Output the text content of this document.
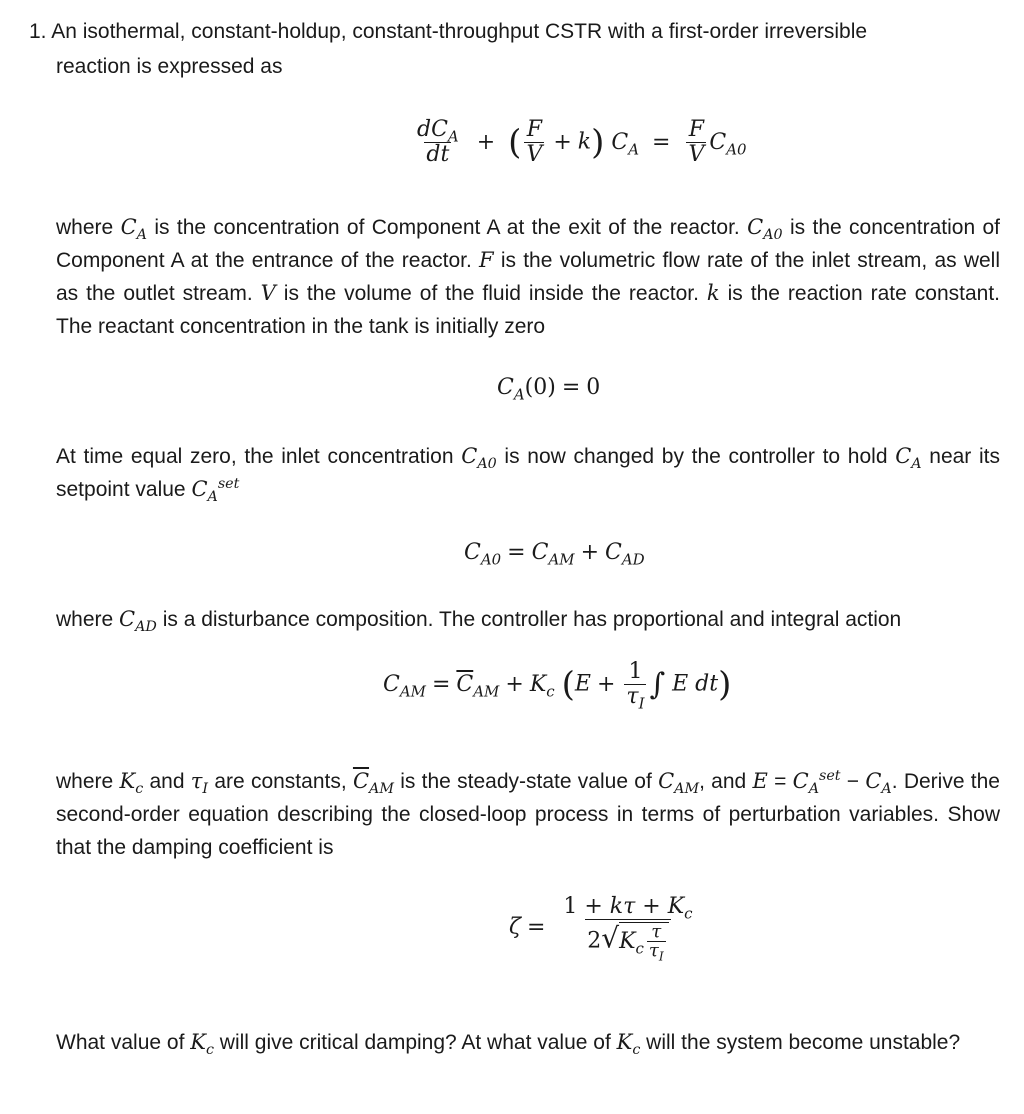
1. An isothermal, constant-holdup, constant-throughput CSTR with a first-order irreversible
reaction is expressed as

$\frac{dC_A}{dt}$ + ( $\frac{F}{V} + k$) $C_A = \frac{F}{V} C_{A0}$

where $C_A$ is the concentration of Component A at the exit of the reactor. $C_{A0}$ is the concentration of Component A at the entrance of the reactor. F is the volumetric flow rate of the inlet stream, as well as the outlet stream. V is the volume of the fluid inside the reactor. k is the reaction rate constant. The reactant concentration in the tank is initially zero

$C_A(0) = 0$

At time equal zero, the inlet concentration $C_{A0}$ is now changed by the controller to hold $C_A$ near its setpoint value $C_A^{set}$

$C_{A0} = C_{AM} + C_{AD}$

where $C_{AD}$ is a disturbance composition. The controller has proportional and integral action

$C_{AM} = \overline{C}_{AM} + K_c$ ($E + \frac{1}{\tau_I}$ ∫ E dt)

where $K_c$ and $\tau_I$ are constants, $\overline{C}_{AM}$ is the steady-state value of $C_{AM}$, and $E = C_A^{set} - C_A$. Derive the second-order equation describing the closed-loop process in terms of perturbation variables. Show that the damping coefficient is

$\zeta = \frac{1 + k\tau + K_c}{2√ K_c \frac{\tau}{\tau_I}}$

What value of $K_c$ will give critical damping? At what value of $K_c$ will the system become unstable?
